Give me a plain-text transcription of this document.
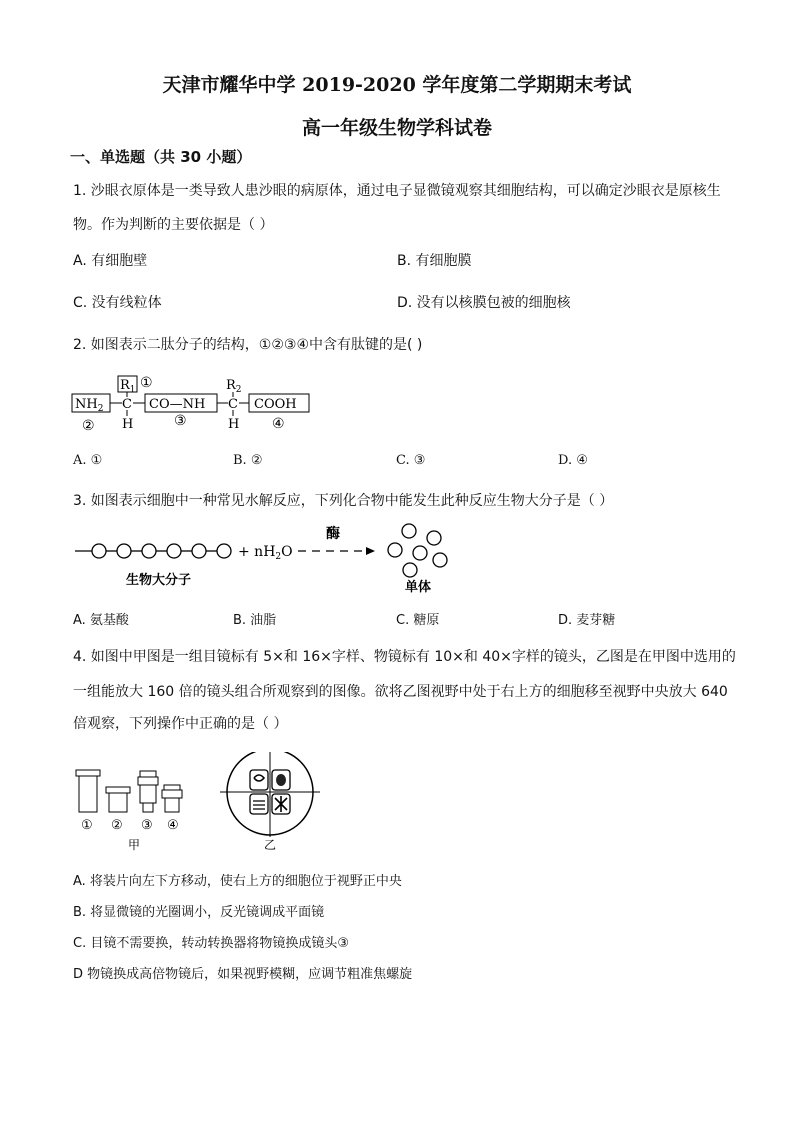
天津市耀华中学 2019-2020 学年度第二学期期末考试
高一年级生物学科试卷
一、单选题（共 30 小题）
1. 沙眼衣原体是一类导致人患沙眼的病原体，通过电子显微镜观察其细胞结构，可以确定沙眼衣是原核生
物。作为判断的主要依据是（ ）
A. 有细胞壁	B. 有细胞膜
C. 没有线粒体	D. 没有以核膜包被的细胞核
2. 如图表示二肽分子的结构，①②③④中含有肽键的是( )
$NH_2$ C
H
$R_1$ ①
CO—NH C
H
$R_2$
COOH
②	③	④
A. ①	B. ②	C. ③	D. ④
3. 如图表示细胞中一种常见水解反应，下列化合物中能发生此种反应生物大分子是（ ）
+ $nH_2O$
酶
生物大分子	单体
A. 氨基酸	B. 油脂	C. 糖原	D. 麦芽糖
4. 如图中甲图是一组目镜标有 5×和 16×字样、物镜标有 10×和 40×字样的镜头，乙图是在甲图中选用的
一组能放大 160 倍的镜头组合所观察到的图像。欲将乙图视野中处于右上方的细胞移至视野中央放大 640
倍观察，下列操作中正确的是（ ）
① ② ③ ④
甲	乙
A. 将装片向左下方移动，使右上方的细胞位于视野正中央
B. 将显微镜的光圈调小，反光镜调成平面镜
C. 目镜不需要换，转动转换器将物镜换成镜头③
D 物镜换成高倍物镜后，如果视野模糊，应调节粗准焦螺旋
